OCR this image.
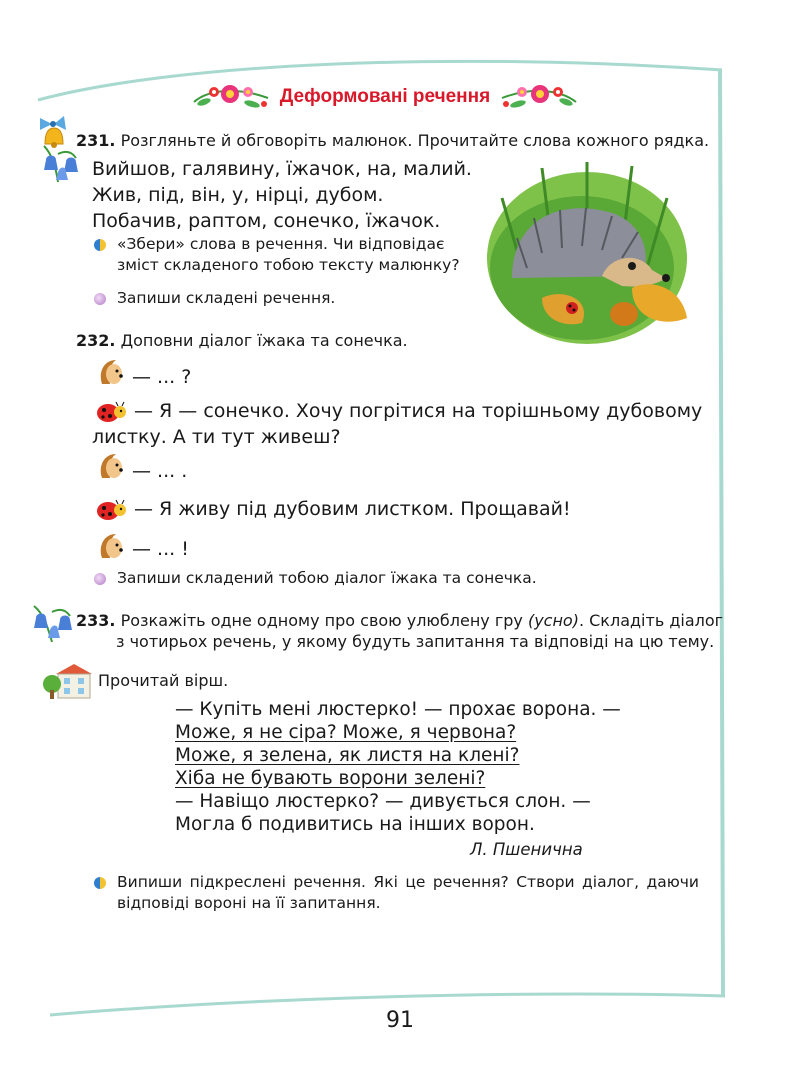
Деформовані речення
231. Розгляньте й обговоріть малюнок. Прочитайте слова кожного рядка.
Вийшов, галявину, їжачок, на, малий.
Жив, під, він, у, нірці, дубом.
Побачив, раптом, сонечко, їжачок.
«Збери» слова в речення. Чи відповідає
зміст складеного тобою тексту малюнку?
Запиши складені речення.
232. Доповни діалог їжака та сонечка.
— ... ?
— Я — сонечко. Хочу погрітися на торішньому дубовому
листку. А ти тут живеш?
— ... .
— Я живу під дубовим листком. Прощавай!
— ... !
Запиши складений тобою діалог їжака та сонечка.
233. Розкажіть одне одному про свою улюблену гру (усно). Складіть діалог
з чотирьох речень, у якому будуть запитання та відповіді на цю тему.
Прочитай вірш.
— Купіть мені люстерко! — прохає ворона. —
Може, я не сіра? Може, я червона?
Може, я зелена, як листя на клені?
Хіба не бувають ворони зелені?
— Навіщо люстерко? — дивується слон. —
Могла б подивитись на інших ворон.
Л. Пшенична
Випиши підкреслені речення. Які це речення? Створи діалог, даючи
відповіді вороні на її запитання.
91
